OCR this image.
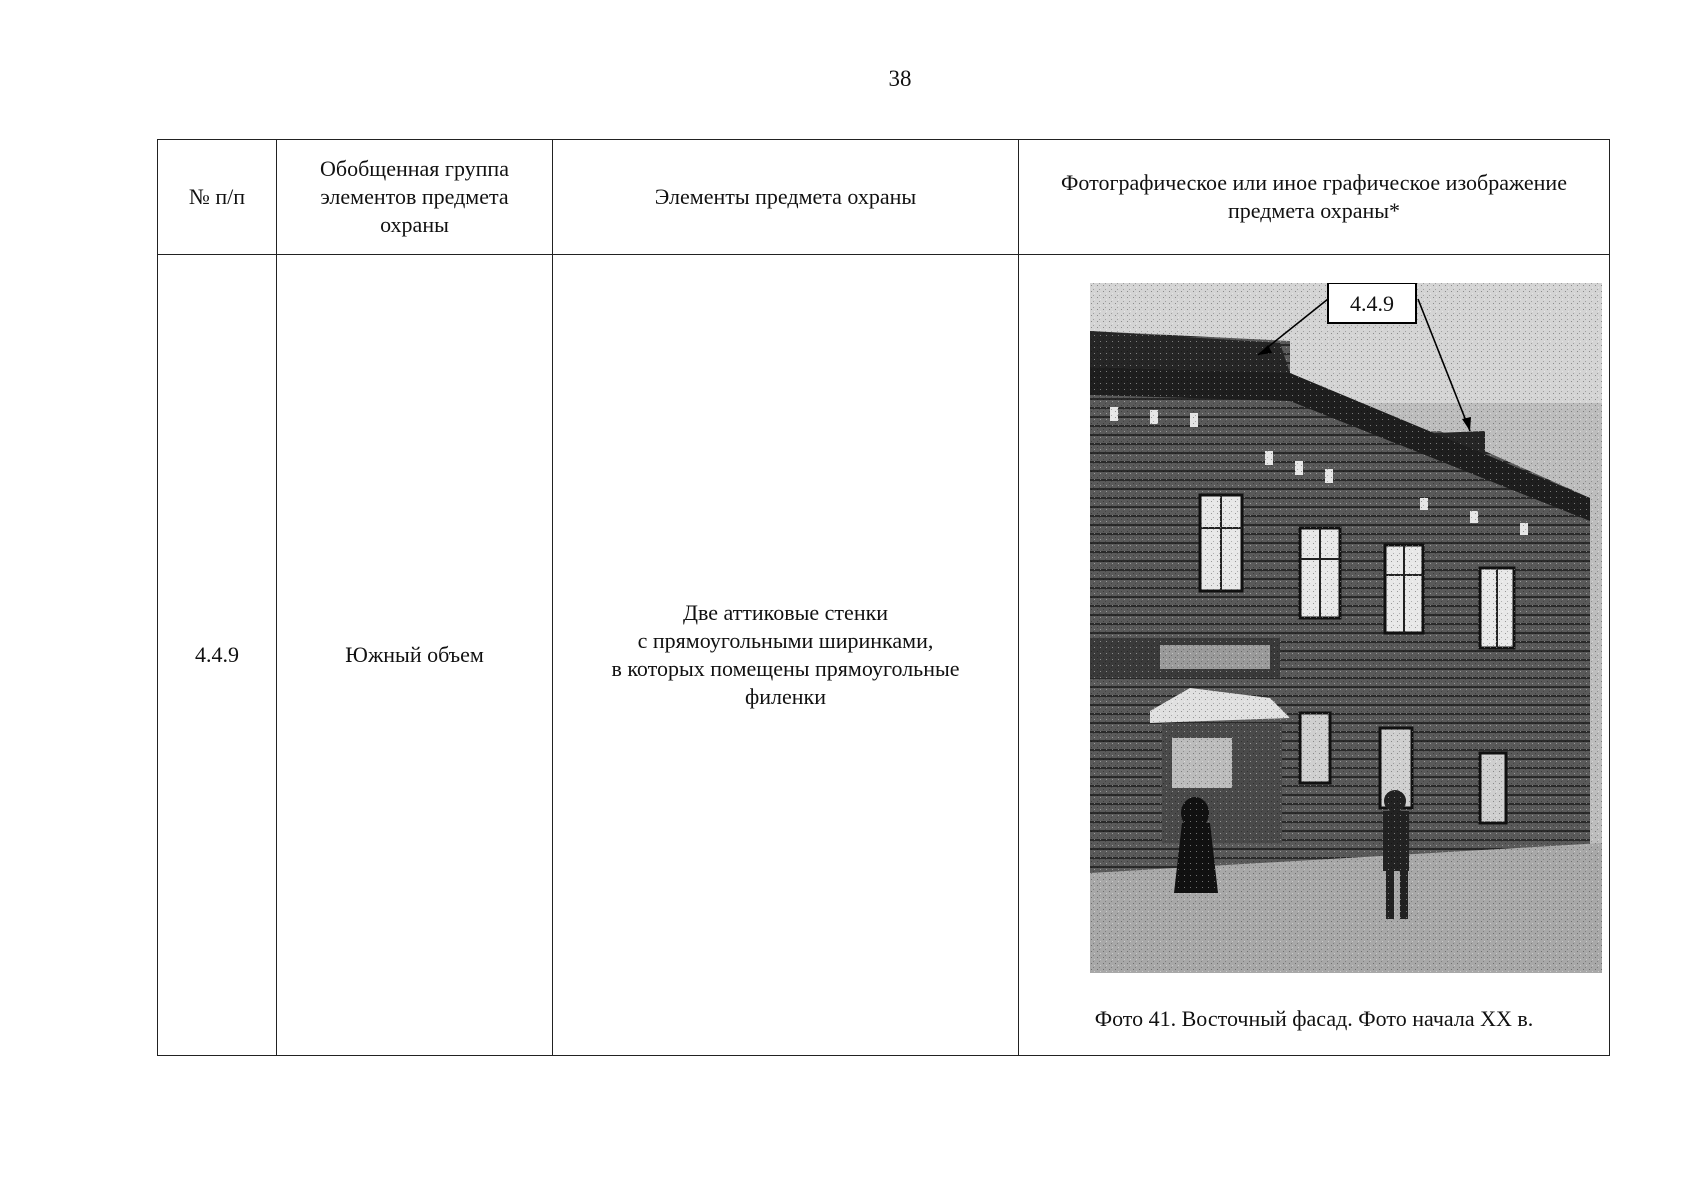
38
№ п/п	Обобщенная группа
элементов предмета
охраны	Элементы предмета охраны	Фотографическое или иное графическое изображение
предмета охраны*

4.4.9	Южный объем	Две аттиковые стенки
с прямоугольными ширинками,
в которых помещены прямоугольные
филенки	4.4.9
Фото 41. Восточный фасад. Фото начала XX в.
